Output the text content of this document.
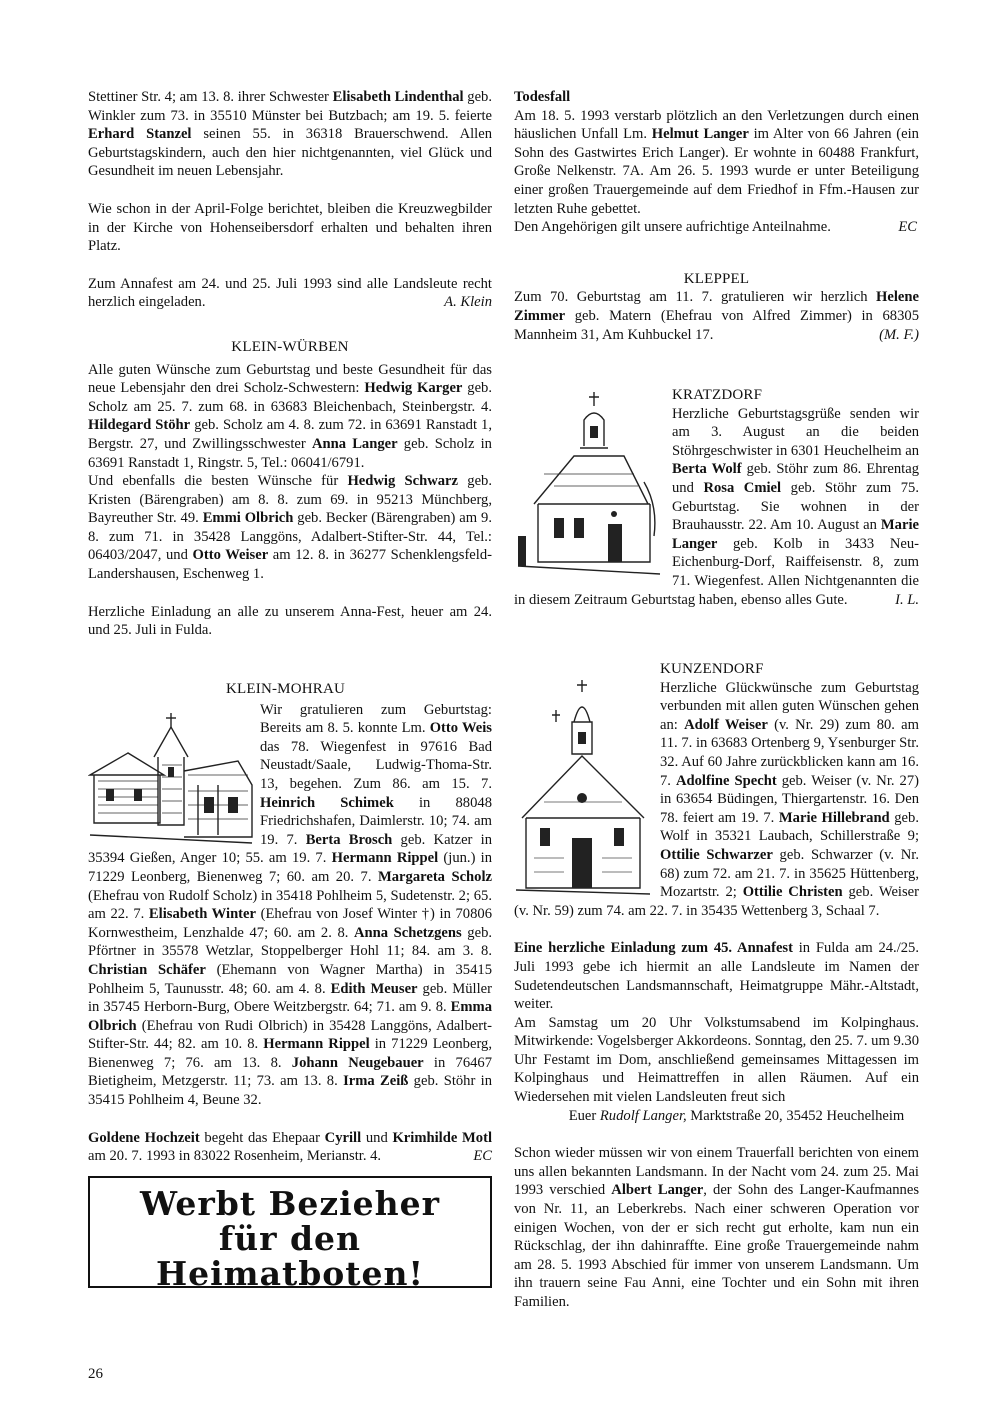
Stettiner Str. 4; am 13. 8. ihrer Schwester Elisabeth Lindenthal geb. Winkler zum 73. in 35510 Münster bei Butzbach; am 19. 5. feierte Erhard Stanzel seinen 55. in 36318 Brauerschwend. Allen Geburtstagskindern, auch den hier nichtgenannten, viel Glück und Gesundheit im neuen Lebensjahr.

Wie schon in der April-Folge berichtet, bleiben die Kreuzwegbilder in der Kirche von Hohenseibersdorf erhalten und behalten ihren Platz.

Zum Annafest am 24. und 25. Juli 1993 sind alle Landsleute recht herzlich eingeladen.	A. Klein

KLEIN-WÜRBEN

Alle guten Wünsche zum Geburtstag und beste Gesundheit für das neue Lebensjahr den drei Scholz-Schwestern: Hedwig Karger geb. Scholz am 25. 7. zum 68. in 63683 Bleichenbach, Steinbergstr. 4. Hildegard Stöhr geb. Scholz am 4. 8. zum 72. in 63691 Ranstadt 1, Bergstr. 27, und Zwillingsschwester Anna Langer geb. Scholz in 63691 Ranstadt 1, Ringstr. 5, Tel.: 06041/6791.

Und ebenfalls die besten Wünsche für Hedwig Schwarz geb. Kristen (Bärengraben) am 8. 8. zum 69. in 95213 Münchberg, Bayreuther Str. 49. Emmi Olbrich geb. Becker (Bärengraben) am 9. 8. zum 71. in 35428 Langgöns, Adalbert-Stifter-Str. 44, Tel.: 06403/2047, und Otto Weiser am 12. 8. in 36277 Schenklengsfeld-Landershausen, Eschenweg 1.

Herzliche Einladung an alle zu unserem Anna-Fest, heuer am 24. und 25. Juli in Fulda.

KLEIN-MOHRAU

Wir gratulieren zum Geburtstag: Bereits am 8. 5. konnte Lm. Otto Weis das 78. Wiegenfest in 97616 Bad Neustadt/Saale, Ludwig-Thoma-Str. 13, begehen. Zum 86. am 15. 7. Heinrich Schimek in 88048 Friedrichshafen, Daimlerstr. 10; 74. am 19. 7. Berta Brosch geb. Katzer in 35394 Gießen, Anger 10; 55. am 19. 7. Hermann Rippel (jun.) in 71229 Leonberg, Bienenweg 7; 60. am 20. 7. Margareta Scholz (Ehefrau von Rudolf Scholz) in 35418 Pohlheim 5, Sudetenstr. 2; 65. am 22. 7. Elisabeth Winter (Ehefrau von Josef Winter †) in 70806 Kornwestheim, Lenzhalde 47; 60. am 2. 8. Anna Schetzgens geb. Pförtner in 35578 Wetzlar, Stoppelberger Hohl 11; 84. am 3. 8. Christian Schäfer (Ehemann von Wagner Martha) in 35415 Pohlheim 5, Taunusstr. 48; 60. am 4. 8. Edith Meuser geb. Müller in 35745 Herborn-Burg, Obere Weitzbergstr. 64; 71. am 9. 8. Emma Olbrich (Ehefrau von Rudi Olbrich) in 35428 Langgöns, Adalbert-Stifter-Str. 44; 82. am 10. 8. Hermann Rippel in 71229 Leonberg, Bienenweg 7; 76. am 13. 8. Johann Neugebauer in 76467 Bietigheim, Metzgerstr. 11; 73. am 13. 8. Irma Zeiß geb. Stöhr in 35415 Pohlheim 4, Beune 32.

Goldene Hochzeit begeht das Ehepaar Cyrill und Krimhilde Motl am 20. 7. 1993 in 83022 Rosenheim, Merianstr. 4.	EC

Werbt Bezieher
für den
Heimatboten!

Todesfall

Am 18. 5. 1993 verstarb plötzlich an den Verletzungen durch einen häuslichen Unfall Lm. Helmut Langer im Alter von 66 Jahren (ein Sohn des Gastwirtes Erich Langer). Er wohnte in 60488 Frankfurt, Große Nelkenstr. 7A. Am 26. 5. 1993 wurde er unter Beteiligung einer großen Trauergemeinde auf dem Friedhof in Ffm.-Hausen zur letzten Ruhe gebettet.

Den Angehörigen gilt unsere aufrichtige Anteilnahme.	EC

KLEPPEL

Zum 70. Geburtstag am 11. 7. gratulieren wir herzlich Helene Zimmer geb. Matern (Ehefrau von Alfred Zimmer) in 68305 Mannheim 31, Am Kuhbuckel 17.	(M. F.)

KRATZDORF

Herzliche Geburtstagsgrüße senden wir am 3. August an die beiden Stöhrgeschwister in 6301 Heuchelheim an Berta Wolf geb. Stöhr zum 86. Ehrentag und Rosa Cmiel geb. Stöhr zum 75. Geburtstag. Sie wohnen in der Brauhausstr. 22. Am 10. August an Marie Langer geb. Kolb in 3433 Neu-Eichenburg-Dorf, Raiffeisenstr. 8, zum 71. Wiegenfest. Allen Nichtgenannten die in diesem Zeitraum Geburtstag haben, ebenso alles Gute.	I. L.

KUNZENDORF

Herzliche Glückwünsche zum Geburtstag verbunden mit allen guten Wünschen gehen an: Adolf Weiser (v. Nr. 29) zum 80. am 11. 7. in 63683 Ortenberg 9, Ysenburger Str. 32. Auf 60 Jahre zurückblicken kann am 16. 7. Adolfine Specht geb. Weiser (v. Nr. 27) in 63654 Büdingen, Thiergartenstr. 16. Den 78. feiert am 19. 7. Marie Hillebrand geb. Wolf in 35321 Laubach, Schillerstraße 9; Ottilie Schwarzer geb. Schwarzer (v. Nr. 68) zum 72. am 21. 7. in 35625 Hüttenberg, Mozartstr. 2; Ottilie Christen geb. Weiser (v. Nr. 59) zum 74. am 22. 7. in 35435 Wettenberg 3, Schaal 7.

Eine herzliche Einladung zum 45. Annafest in Fulda am 24./25. Juli 1993 gebe ich hiermit an alle Landsleute im Namen der Sudetendeutschen Landsmannschaft, Heimatgruppe Mähr.-Altstadt, weiter.

Am Samstag um 20 Uhr Volkstumsabend im Kolpinghaus. Mitwirkende: Vogelsberger Akkordeons. Sonntag, den 25. 7. um 9.30 Uhr Festamt im Dom, anschließend gemeinsames Mittagessen im Kolpinghaus und Heimattreffen in allen Räumen. Auf ein Wiedersehen mit vielen Landsleuten freut sich

Euer Rudolf Langer, Marktstraße 20, 35452 Heuchelheim

Schon wieder müssen wir von einem Trauerfall berichten von einem uns allen bekannten Landsmann. In der Nacht vom 24. zum 25. Mai 1993 verschied Albert Langer, der Sohn des Langer-Kaufmannes von Nr. 11, an Leberkrebs. Nach einer schweren Operation vor einigen Wochen, von der er sich recht gut erholte, kam nun ein Rückschlag, der ihn dahinraffte. Eine große Trauergemeinde nahm am 28. 5. 1993 Abschied für immer von unserem Landsmann. Um ihn trauern seine Fau Anni, eine Tochter und ein Sohn mit ihren Familien.

26
